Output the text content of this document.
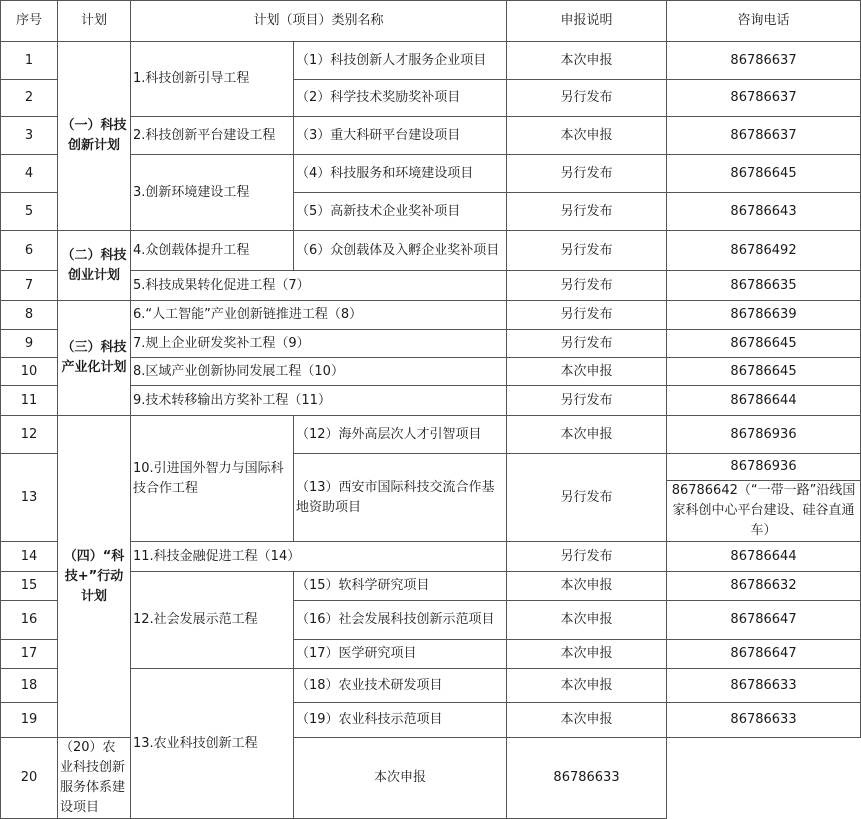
序号	计划	计划（项目）类别名称		申报说明	咨询电话
1	（一）科技创新计划	1.科技创新引导工程	（1）科技创新人才服务企业项目	本次申报	86786637
2			（2）科学技术奖励奖补项目	另行发布	86786637
3		2.科技创新平台建设工程	（3）重大科研平台建设项目	本次申报	86786637
4		3.创新环境建设工程	（4）科技服务和环境建设项目	另行发布	86786645
5			（5）高新技术企业奖补项目	另行发布	86786643
6	（二）科技创业计划	4.众创载体提升工程	（6）众创载体及入孵企业奖补项目	另行发布	86786492
7		5.科技成果转化促进工程（7）		另行发布	86786635
8	（三）科技产业化计划	6.“人工智能”产业创新链推进工程（8）		另行发布	86786639
9		7.规上企业研发奖补工程（9）		另行发布	86786645
10		8.区域产业创新协同发展工程（10）		本次申报	86786645
11		9.技术转移输出方奖补工程（11）		另行发布	86786644
12	（四）“科技+”行动计划	10.引进国外智力与国际科技合作工程	（12）海外高层次人才引智项目	本次申报	86786936
13			（13）西安市国际科技交流合作基地资助项目	另行发布	86786936
					86786642（“一带一路”沿线国家科创中心平台建设、硅谷直通车）
14		11.科技金融促进工程（14）		另行发布	86786644
15		12.社会发展示范工程	（15）软科学研究项目	本次申报	86786632
16			（16）社会发展科技创新示范项目	本次申报	86786647
17			（17）医学研究项目	本次申报	86786647
18		13.农业科技创新工程	（18）农业技术研发项目	本次申报	86786633
19			（19）农业科技示范项目	本次申报	86786633
20	（20）农业科技创新服务体系建设项目		本次申报	86786633	
